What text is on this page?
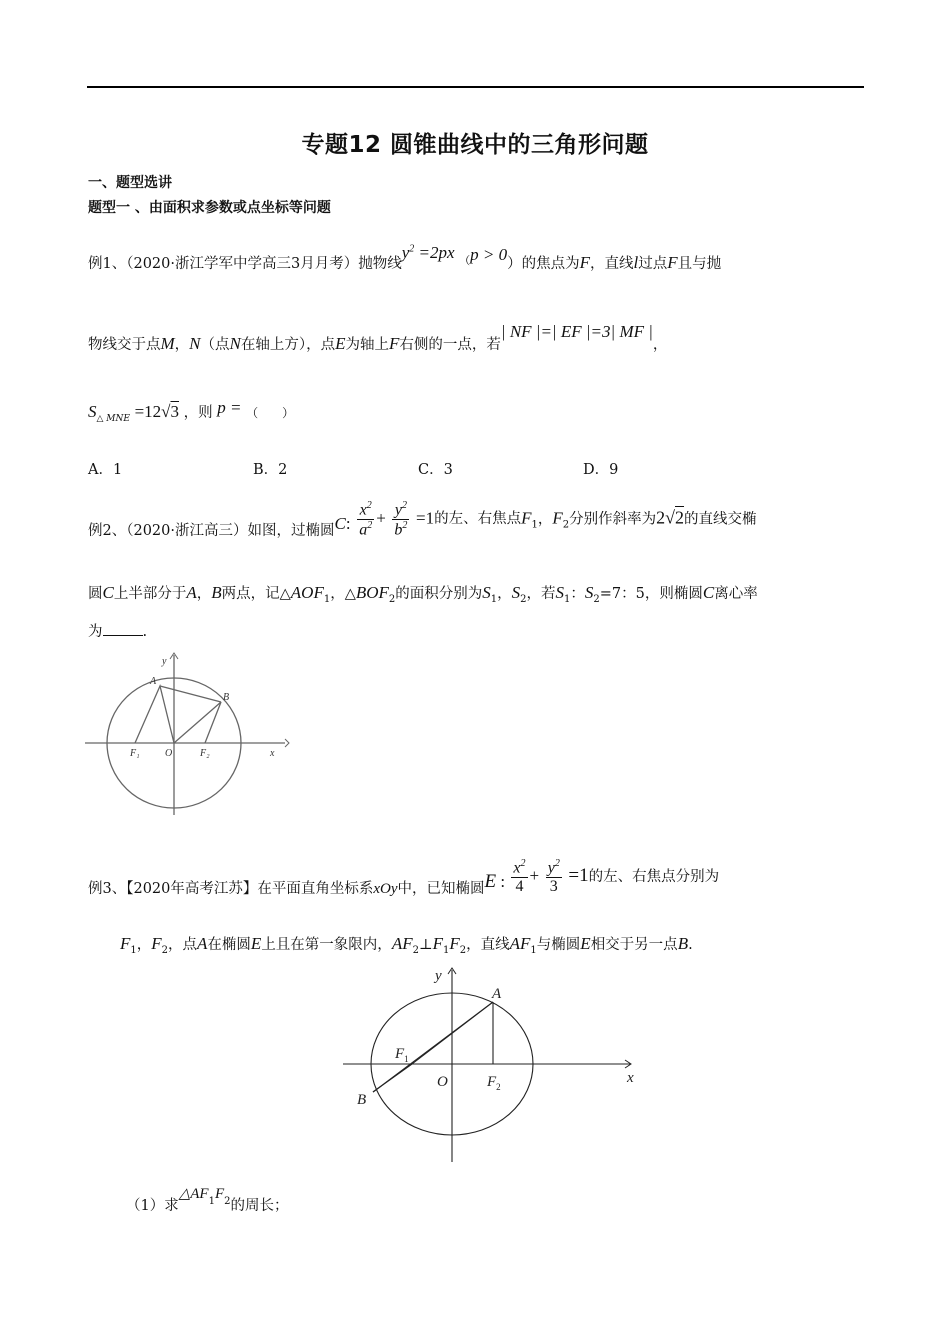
专题12 圆锥曲线中的三角形问题
一、题型选讲
题型一 、由面积求参数或点坐标等问题
例1、（2020·浙江学军中学高三3月月考）抛物线$y^2 =2px$ （p > 0）的焦点为F，直线l过点F且与抛
物线交于点M，N（点N在轴上方），点E为轴上F右侧的一点，若| NF |=| EF |=3| MF |，
$S_{\triangle MNE} =12√3$ ，则 p = （　　）
A．1	B．2	C．3	D．9
例2、（2020·浙江高三）如图，过椭圆C: $\frac{x^2}{a^2} + \frac{y^2}{b^2} =1$的左、右焦点$F_1$，$F_2$分别作斜率为2√2的直线交椭
圆C上半部分于A，B两点，记$\triangle AOF_1$，$\triangle BOF_2$的面积分别为$S_1$，$S_2$，若$S_1$：$S_2=7$：5，则椭圆C离心率
为	.
y
A
B
F₁	O	F₂	x
例3、【2020年高考江苏】在平面直角坐标系xOy中，已知椭圆E : $\frac{x^2}{4} + \frac{y^2}{3} =1$的左、右焦点分别为
$F_1$，$F_2$，点A在椭圆E上且在第一象限内，$AF_2\perp F_1F_2$，直线$AF_1$与椭圆E相交于另一点B.
y
A
$F_1$
O	$F_2$
B
x
（1）求$\triangle AF_1F_2$的周长；
